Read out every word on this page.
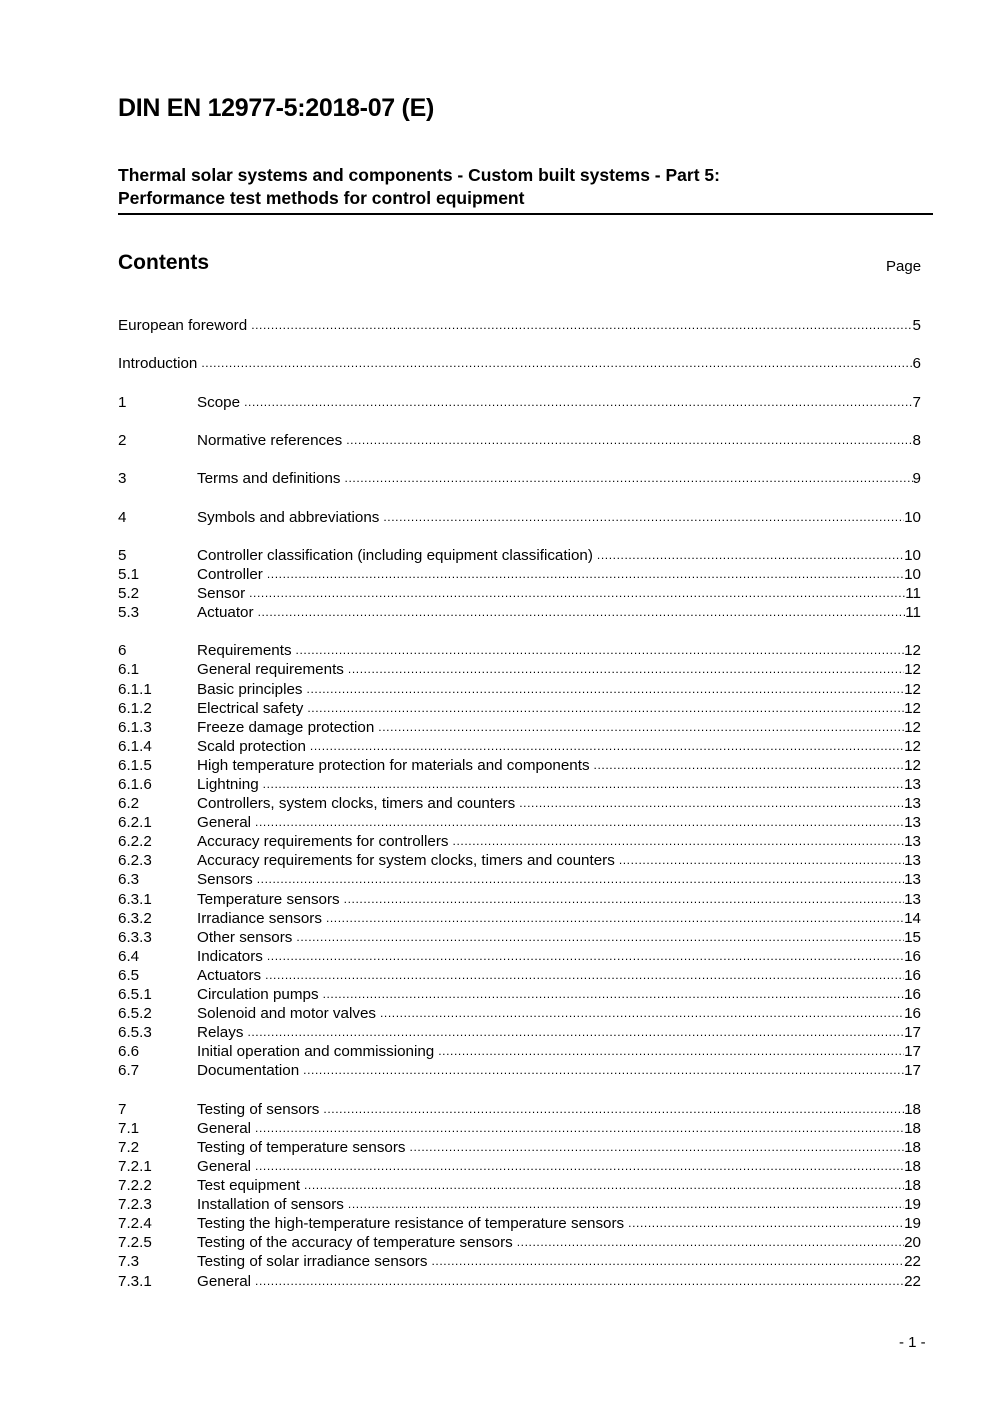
DIN EN 12977-5:2018-07 (E)
Thermal solar systems and components - Custom built systems - Part 5:
Performance test methods for control equipment
Contents	Page
European foreword .....	5
Introduction .....	6
1	Scope .....	7
2	Normative references .....	8
3	Terms and definitions .....	9
4	Symbols and abbreviations .....	10
5	Controller classification (including equipment classification) .....	10
5.1	Controller .....	10
5.2	Sensor .....	11
5.3	Actuator .....	11
6	Requirements .....	12
6.1	General requirements .....	12
6.1.1	Basic principles .....	12
6.1.2	Electrical safety .....	12
6.1.3	Freeze damage protection .....	12
6.1.4	Scald protection .....	12
6.1.5	High temperature protection for materials and components .....	12
6.1.6	Lightning .....	13
6.2	Controllers, system clocks, timers and counters .....	13
6.2.1	General .....	13
6.2.2	Accuracy requirements for controllers .....	13
6.2.3	Accuracy requirements for system clocks, timers and counters .....	13
6.3	Sensors .....	13
6.3.1	Temperature sensors .....	13
6.3.2	Irradiance sensors .....	14
6.3.3	Other sensors .....	15
6.4	Indicators .....	16
6.5	Actuators .....	16
6.5.1	Circulation pumps .....	16
6.5.2	Solenoid and motor valves .....	16
6.5.3	Relays .....	17
6.6	Initial operation and commissioning .....	17
6.7	Documentation .....	17
7	Testing of sensors .....	18
7.1	General .....	18
7.2	Testing of temperature sensors .....	18
7.2.1	General .....	18
7.2.2	Test equipment .....	18
7.2.3	Installation of sensors .....	19
7.2.4	Testing the high-temperature resistance of temperature sensors .....	19
7.2.5	Testing of the accuracy of temperature sensors .....	20
7.3	Testing of solar irradiance sensors .....	22
7.3.1	General .....	22
- 1 -
